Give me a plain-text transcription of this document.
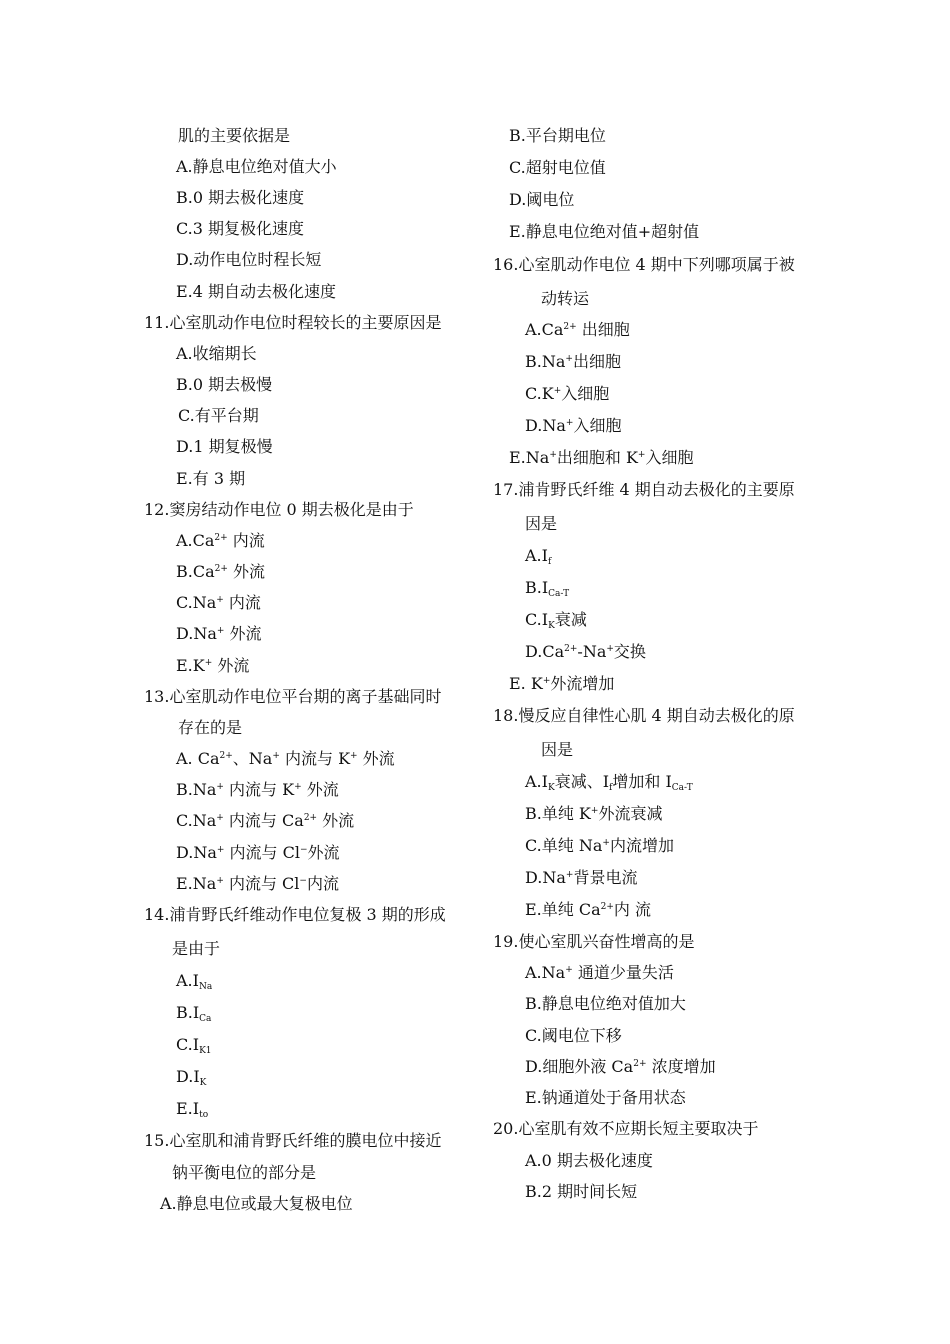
肌的主要依据是
A.静息电位绝对值大小
B.0 期去极化速度
C.3 期复极化速度
D.动作电位时程长短
E.4 期自动去极化速度
11.心室肌动作电位时程较长的主要原因是
A.收缩期长
B.0 期去极慢
C.有平台期
D.1 期复极慢
E.有 3 期
12.窦房结动作电位 0 期去极化是由于
$A.Ca^{2+}$ 内流
$B.Ca^{2+}$ 外流
C.Na+ 内流
D.Na+ 外流
E.K+ 外流
13.心室肌动作电位平台期的离子基础同时
存在的是
A. $Ca^{2+}$、Na+ 内流与 K+ 外流
B.Na+ 内流与 K+ 外流
C.Na+ 内流与 $Ca^{2+}$ 外流
D.Na+ 内流与 Cl−外流
E.Na+ 内流与 Cl−内流
14.浦肯野氏纤维动作电位复极 3 期的形成
是由于
$A.I_{Na}$
$B.I_{Ca}$
$C.I_{K1}$
$D.I_K$
$E.I_{to}$
15.心室肌和浦肯野氏纤维的膜电位中接近
钠平衡电位的部分是
A.静息电位或最大复极电位
B.平台期电位
C.超射电位值
D.阈电位
E.静息电位绝对值+超射值
16.心室肌动作电位 4 期中下列哪项属于被
动转运
$A.Ca^{2+}$ 出细胞
B.Na+出细胞
C.K+入细胞
D.Na+入细胞
E.Na+出细胞和 K+入细胞
17.浦肯野氏纤维 4 期自动去极化的主要原
因是
$A.Ⅰ_f$
$B.Ⅰ_{Ca-T}$
$C.I_K$衰减
$D.Ca^{2+}-Na^+$交换
E. K+外流增加
18.慢反应自律性心肌 4 期自动去极化的原
因是
$A.I_K$衰减、$I_f$增加和 $I_{Ca-T}$
B.单纯 K+外流衰减
C.单纯 Na+内流增加
D.Na+背景电流
E.单纯 $Ca^{2+}$内 流
19.使心室肌兴奋性增高的是
A.Na+ 通道少量失活
B.静息电位绝对值加大
C.阈电位下移
D.细胞外液 $Ca^{2+}$ 浓度增加
E.钠通道处于备用状态
20.心室肌有效不应期长短主要取决于
A.0 期去极化速度
B.2 期时间长短
